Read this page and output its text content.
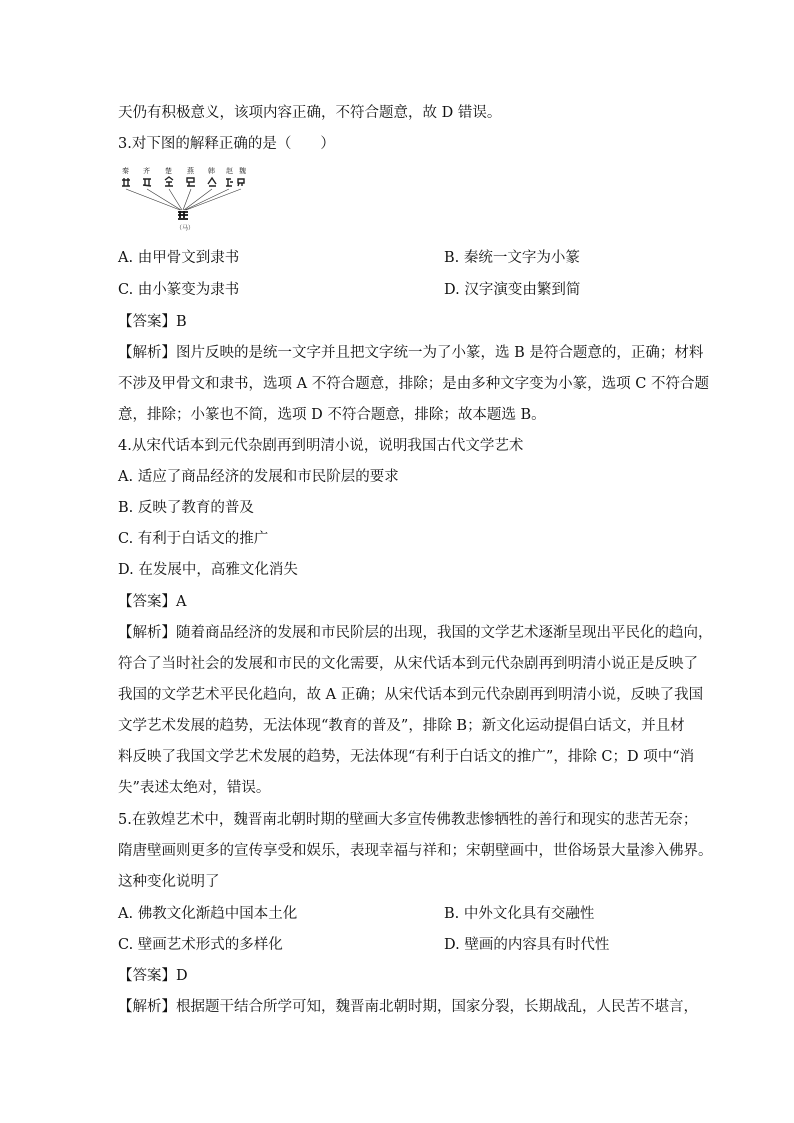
天仍有积极意义，该项内容正确，不符合题意，故 D 错误。
3.对下图的解释正确的是（　　）
秦 齐 楚 燕 韩 赵 魏
（马）
A. 由甲骨文到隶书	B. 秦统一文字为小篆
C. 由小篆变为隶书	D. 汉字演变由繁到简
【答案】B
【解析】图片反映的是统一文字并且把文字统一为了小篆，选 B 是符合题意的，正确；材料
不涉及甲骨文和隶书，选项 A 不符合题意，排除；是由多种文字变为小篆，选项 C 不符合题
意，排除；小篆也不简，选项 D 不符合题意，排除；故本题选 B。
4.从宋代话本到元代杂剧再到明清小说，说明我国古代文学艺术
A. 适应了商品经济的发展和市民阶层的要求
B. 反映了教育的普及
C. 有利于白话文的推广
D. 在发展中，高雅文化消失
【答案】A
【解析】随着商品经济的发展和市民阶层的出现，我国的文学艺术逐渐呈现出平民化的趋向，
符合了当时社会的发展和市民的文化需要，从宋代话本到元代杂剧再到明清小说正是反映了
我国的文学艺术平民化趋向，故 A 正确；从宋代话本到元代杂剧再到明清小说，反映了我国
文学艺术发展的趋势，无法体现“教育的普及”，排除 B；新文化运动提倡白话文，并且材
料反映了我国文学艺术发展的趋势，无法体现“有利于白话文的推广”，排除 C；D 项中“消
失”表述太绝对，错误。
5.在敦煌艺术中，魏晋南北朝时期的壁画大多宣传佛教悲惨牺牲的善行和现实的悲苦无奈；
隋唐壁画则更多的宣传享受和娱乐，表现幸福与祥和；宋朝壁画中，世俗场景大量渗入佛界。
这种变化说明了
A. 佛教文化渐趋中国本土化	B. 中外文化具有交融性
C. 壁画艺术形式的多样化	D. 壁画的内容具有时代性
【答案】D
【解析】根据题干结合所学可知，魏晋南北朝时期，国家分裂，长期战乱，人民苦不堪言，
